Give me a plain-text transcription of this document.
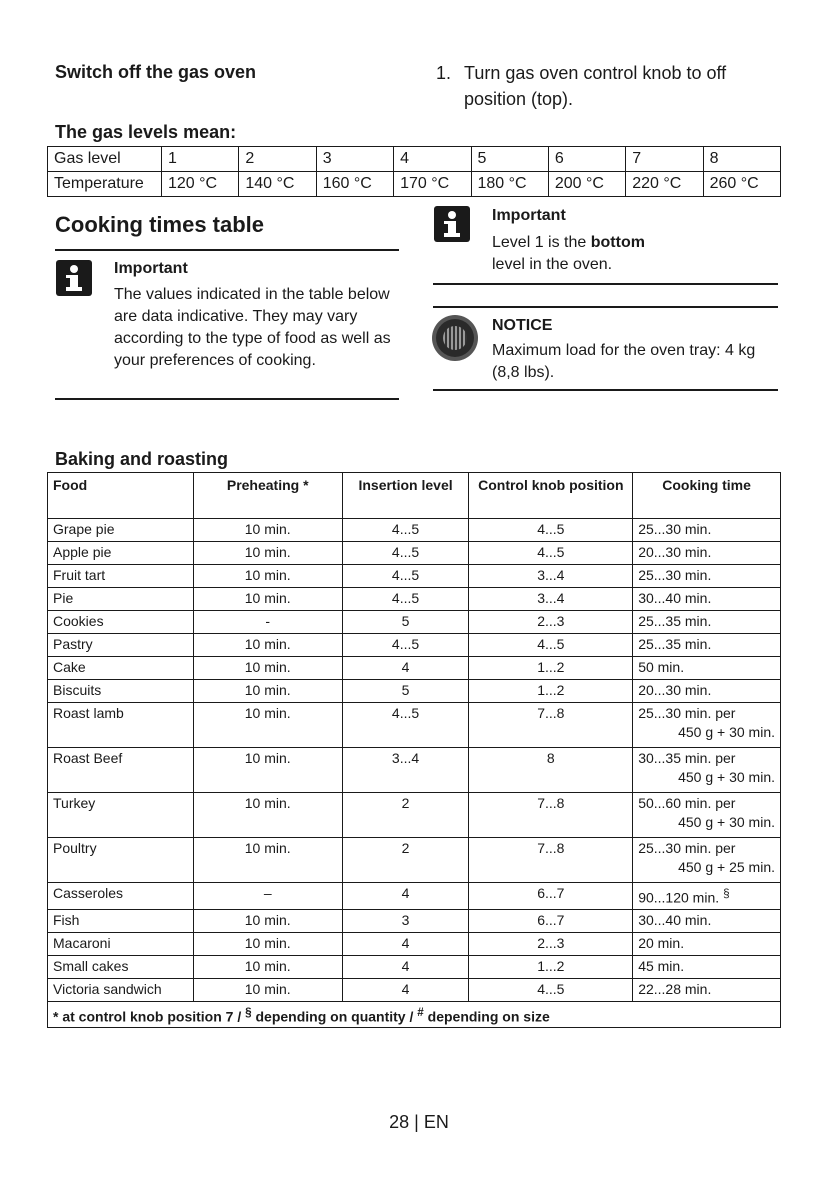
Switch off the gas oven	1. Turn gas oven control knob to off position (top).
The gas levels mean:
Gas level	1	2	3	4	5	6	7	8
Temperature	120 °C	140 °C	160 °C	170 °C	180 °C	200 °C	220 °C	260 °C
Cooking times table
Important
The values indicated in the table below are data indicative. They may vary according to the type of food as well as your preferences of cooking.
Important
Level 1 is the bottom
level in the oven.
NOTICE
Maximum load for the oven tray: 4 kg (8,8 lbs).
Baking and roasting
Food	Preheating *	Insertion level	Control knob position	Cooking time
Grape pie	10 min.	4...5	4...5	25...30 min.
Apple pie	10 min.	4...5	4...5	20...30 min.
Fruit tart	10 min.	4...5	3...4	25...30 min.
Pie	10 min.	4...5	3...4	30...40 min.
Cookies	-	5	2...3	25...35 min.
Pastry	10 min.	4...5	4...5	25...35 min.
Cake	10 min.	4	1...2	50 min.
Biscuits	10 min.	5	1...2	20...30 min.
Roast lamb	10 min.	4...5	7...8	25...30 min. per
450 g + 30 min.

Roast Beef	10 min.	3...4	8	30...35 min. per
450 g + 30 min.

Turkey	10 min.	2	7...8	50...60 min. per
450 g + 30 min.

Poultry	10 min.	2	7...8	25...30 min. per
450 g + 25 min.

Casseroles	–	4	6...7	90...120 min. §
Fish	10 min.	3	6...7	30...40 min.
Macaroni	10 min.	4	2...3	20 min.
Small cakes	10 min.	4	1...2	45 min.
Victoria sandwich	10 min.	4	4...5	22...28 min.
* at control knob position 7 / § depending on quantity / # depending on size				
28 | EN
